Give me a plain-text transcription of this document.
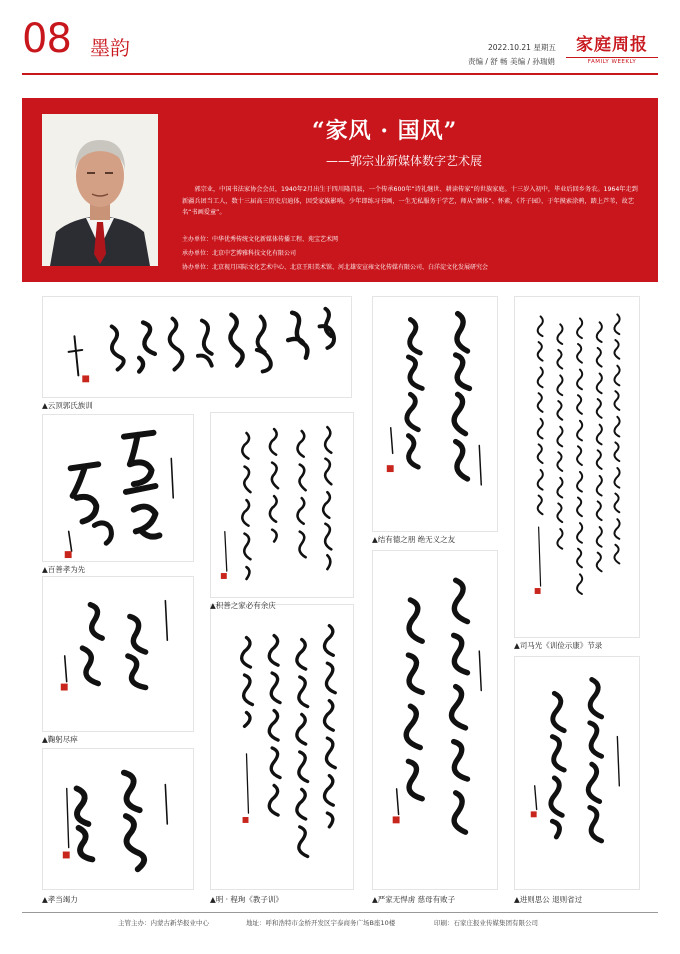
08 墨韵	2022.10.21 星期五
责编 / 舒 畅 美编 / 孙瑞娟
家庭周报
FAMILY WEEKLY
“家风 · 国风”
——郭宗业新媒体数字艺术展
郭宗业，中国书法家协会会员，1940年2月出生于四川隆昌县，一个传承600年“诗礼继世、耕读传家”的世族家庭。十三岁入初中，毕业后回乡务农。1964年走到新疆兵团当工人，数十三届高三历史启迪体，因受家族影响，少年即练习书画，一生无私服务于学艺，师从“颜体”、怀素，《芥子园》，于年摸索涂鸦，踏上芦苇，故艺名“书画爱童”。
主办单位：中华优秀传统文化新媒体传播工程、苑宝艺术网
承办单位：北京中艺博雅科技文化有限公司
协办单位：北京视月国际文化艺术中心、北京王阳美术馆、河北雄安宣雍文化传媒有限公司、白洋淀文化发展研究会
▲云顶郭氏族训
▲百善孝为先
▲积善之家必有余庆
▲结有德之朋 绝无义之友
▲司马光《训俭示康》节录
▲鞠躬尽瘁
▲孝当竭力	▲明 · 程珣《教子训》	▲严家无悍虏 慈母有败子	▲进则思公 退则省过
主管主办：内蒙古新华报业中心	地址：呼和浩特市金桥开发区宇泰商务广场B座10楼	印刷：石家庄报业传媒集团有限公司
